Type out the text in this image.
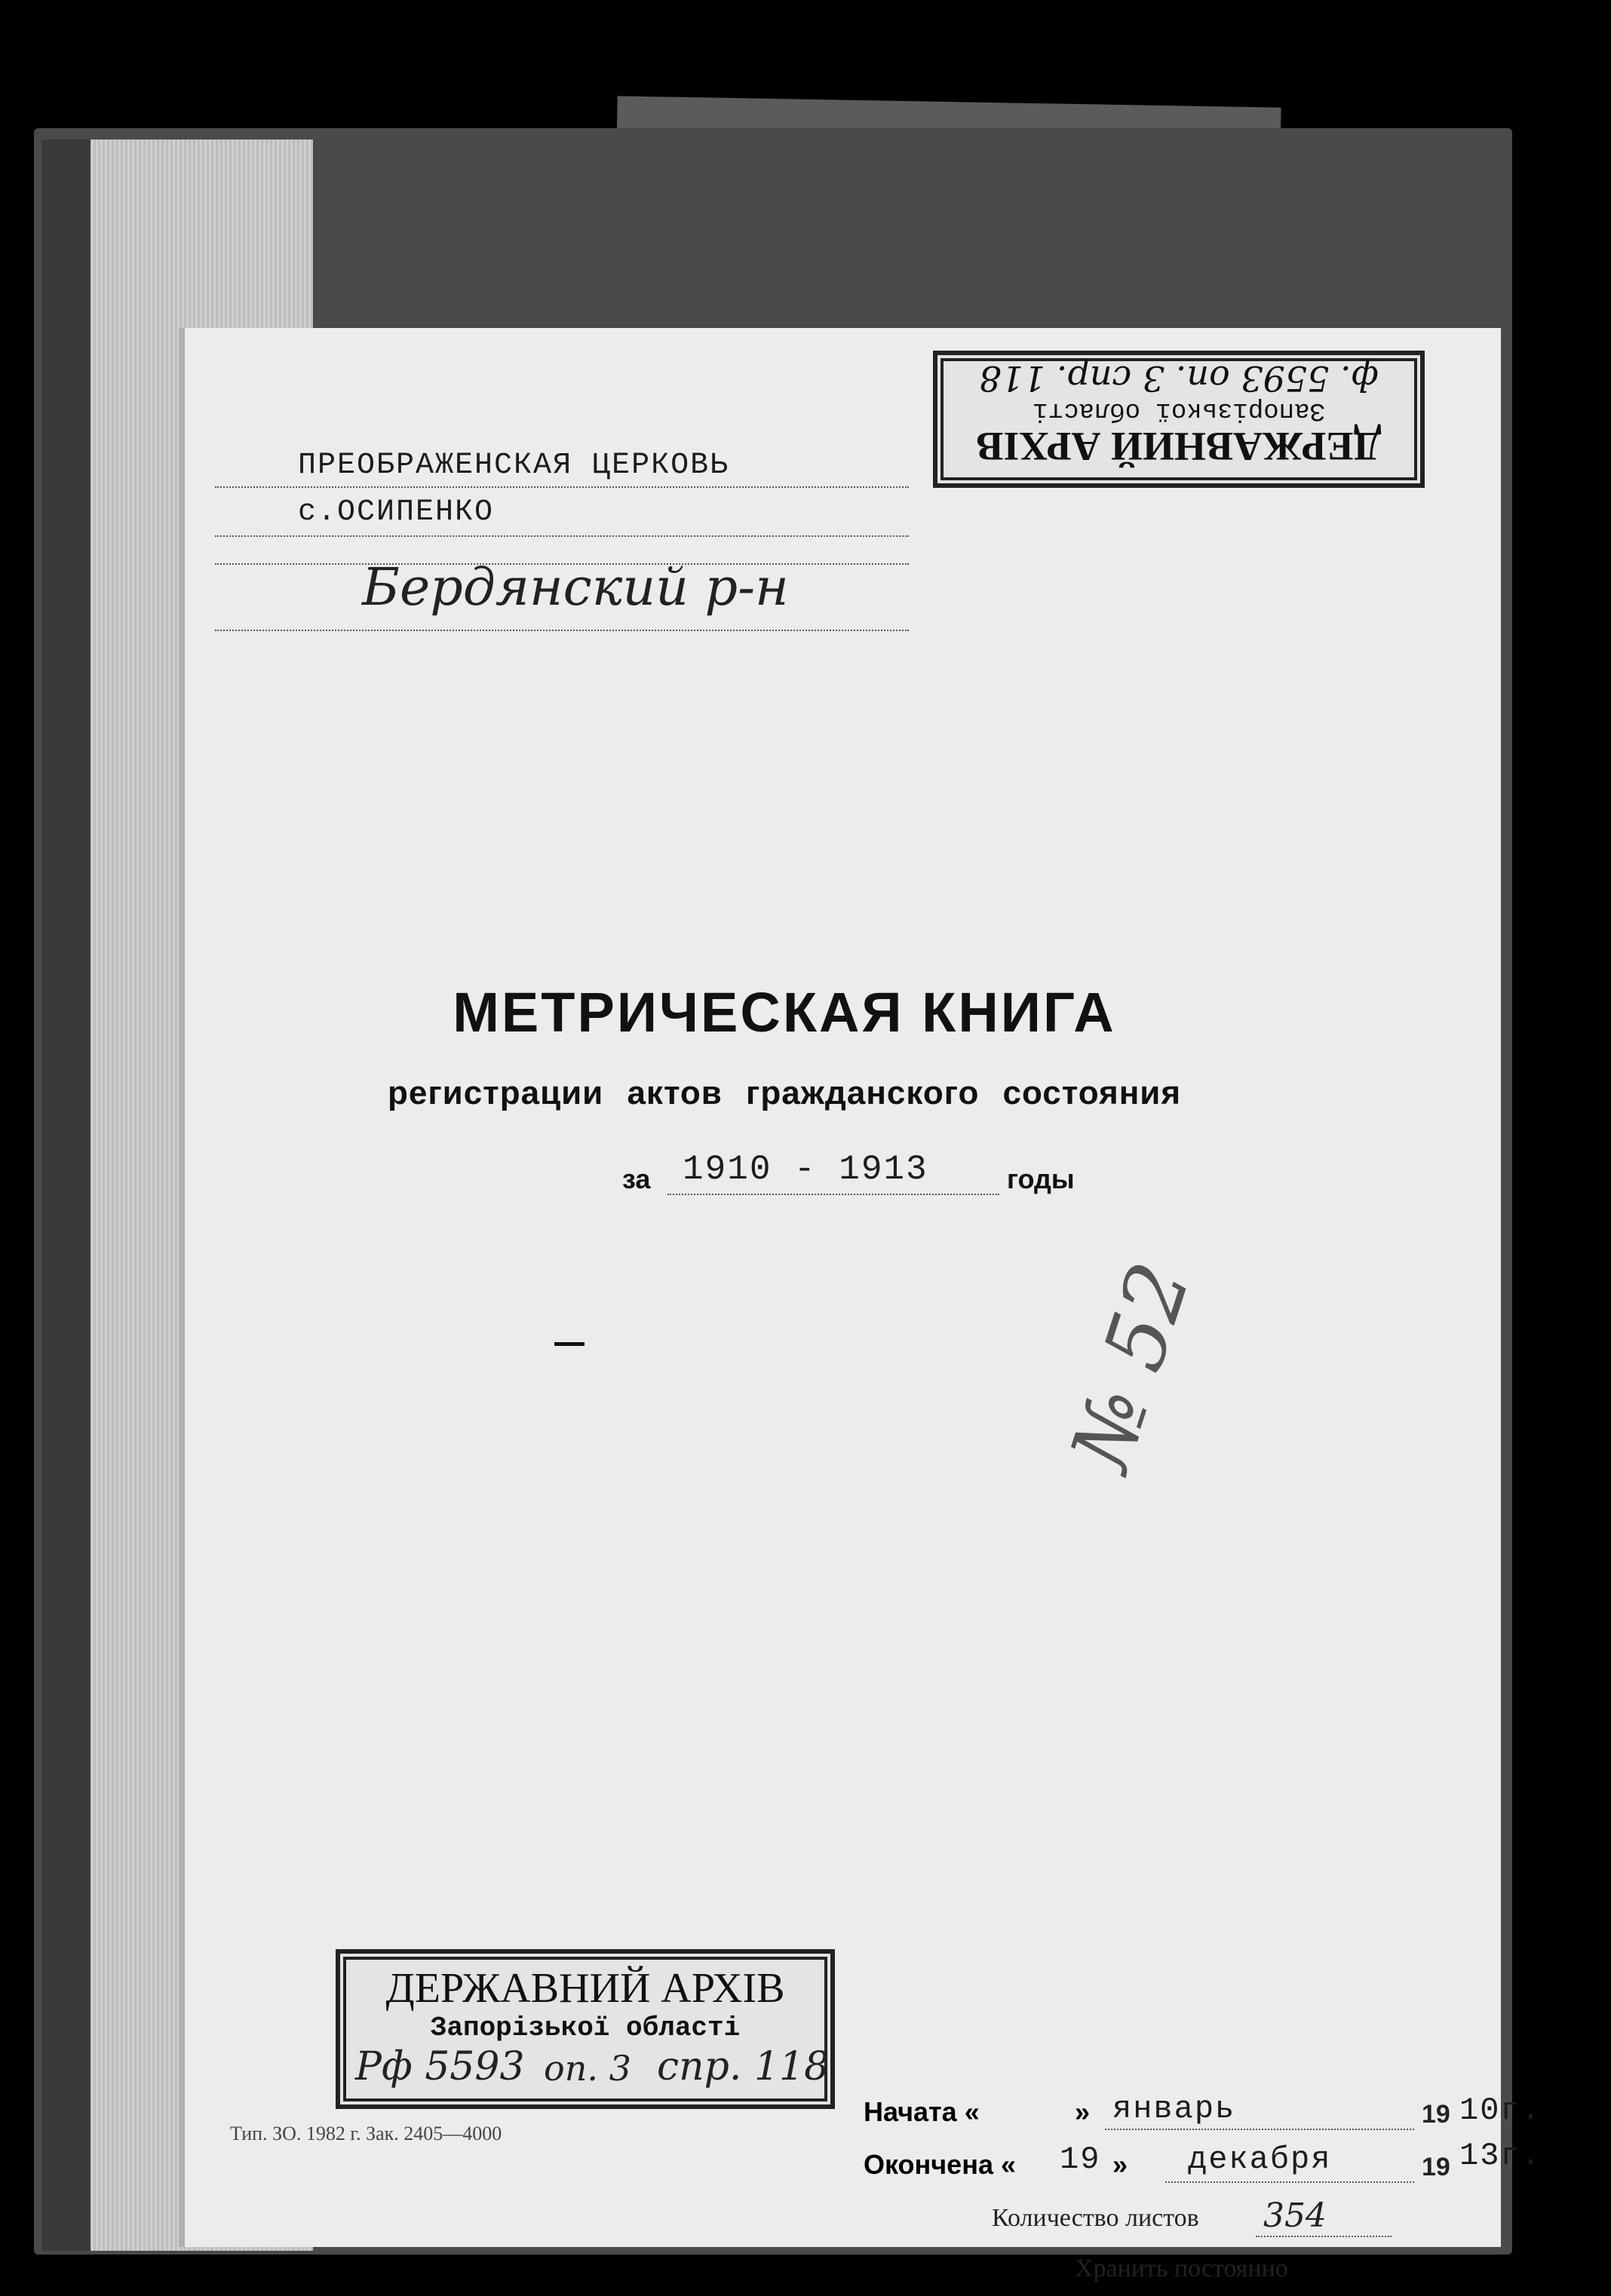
ПРЕОБРАЖЕНСКАЯ ЦЕРКОВЬ
с.ОСИПЕНКО
Бердянский р-н
ДЕРЖАВНИЙ АРХІВ
Запорізької області
ф. 5593 оп. 3 спр. 118
МЕТРИЧЕСКАЯ КНИГА
регистрации актов гражданского состояния
за 1910 - 1913	годы
№ 52
Начата «	» январь	19 10г.
Окончена « 19 » декабря	19 13г.
Количество листов 354
Хранить постоянно
ДЕРЖАВНИЙ АРХІВ
Запорізької області
Рф 5593 оп. 3 спр. 118
Тип. ЗО. 1982 г. Зак. 2405—4000
